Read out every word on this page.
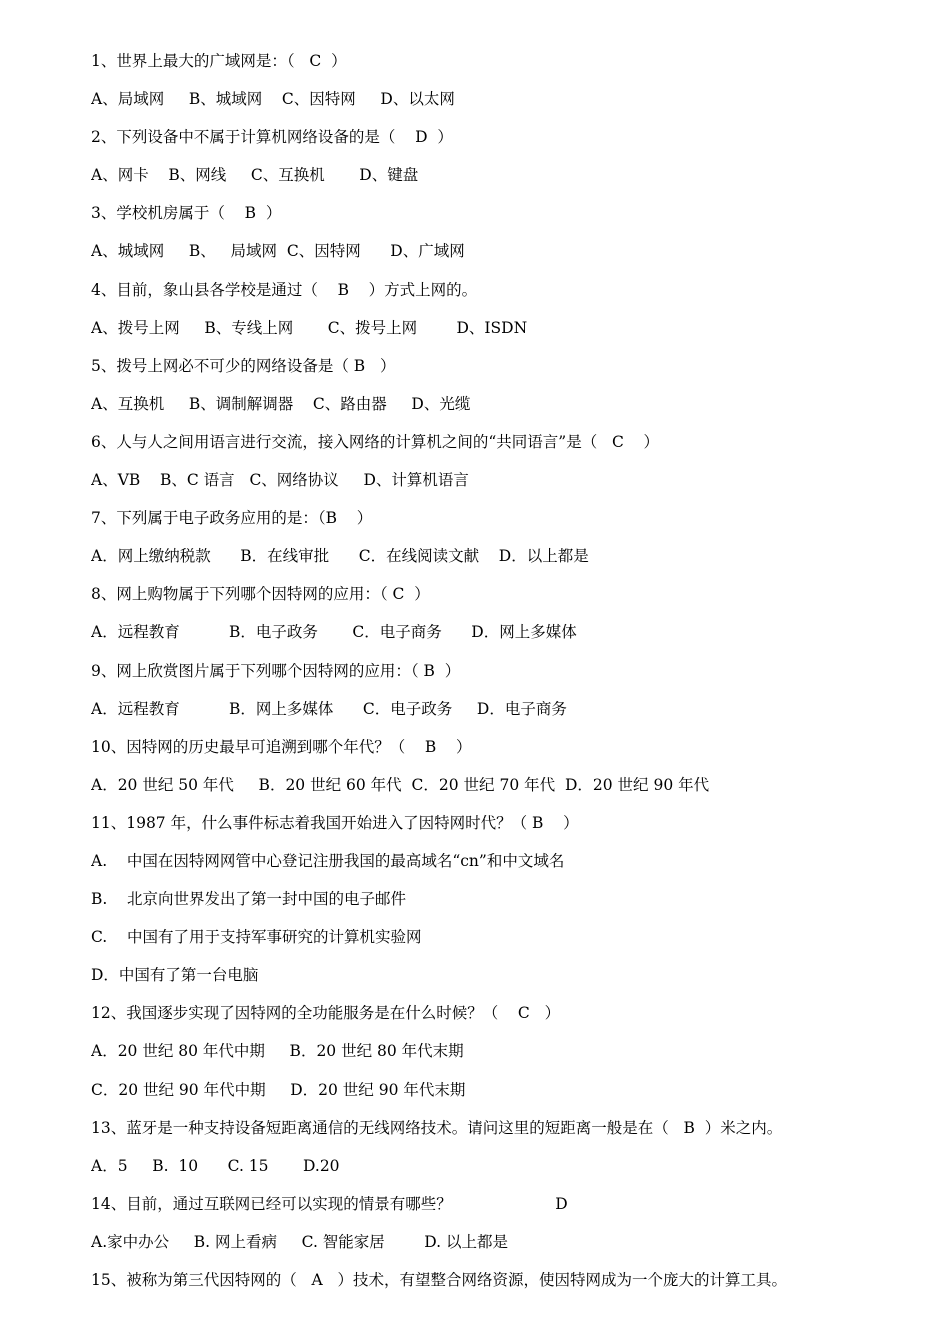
1、世界上最大的广域网是：（   C  ）
A、局域网     B、城域网    C、因特网     D、以太网
2、下列设备中不属于计算机网络设备的是（    D  ）
A、网卡    B、网线     C、互换机       D、键盘
3、学校机房属于（    B  ）
A、城域网     B、   局域网  C、因特网      D、广域网
4、目前，象山县各学校是通过（    B    ）方式上网的。
A、拨号上网     B、专线上网       C、拨号上网        D、ISDN
5、拨号上网必不可少的网络设备是（ B   ）
A、互换机     B、调制解调器    C、路由器     D、光缆
6、人与人之间用语言进行交流，接入网络的计算机之间的“共同语言”是（   C    ）
A、VB    B、C 语言   C、网络协议     D、计算机语言
7、下列属于电子政务应用的是：（B    ）
A．网上缴纳税款      B．在线审批      C．在线阅读文献    D．以上都是
8、网上购物属于下列哪个因特网的应用：（ C  ）
A．远程教育          B．电子政务       C．电子商务      D．网上多媒体
9、网上欣赏图片属于下列哪个因特网的应用：（ B  ）
A．远程教育          B．网上多媒体      C．电子政务     D．电子商务
10、因特网的历史最早可追溯到哪个年代？（    B    ）
A．20 世纪 50 年代     B．20 世纪 60 年代  C．20 世纪 70 年代  D．20 世纪 90 年代
11、1987 年，什么事件标志着我国开始进入了因特网时代？（ B    ）
A.    中国在因特网网管中心登记注册我国的最高域名“cn”和中文域名
B.    北京向世界发出了第一封中国的电子邮件
C.    中国有了用于支持军事研究的计算机实验网
D．中国有了第一台电脑
12、我国逐步实现了因特网的全功能服务是在什么时候？（    C   ）
A．20 世纪 80 年代中期     B．20 世纪 80 年代末期
C．20 世纪 90 年代中期     D．20 世纪 90 年代末期
13、蓝牙是一种支持设备短距离通信的无线网络技术。请问这里的短距离一般是在（   B  ）米之内。
A．5     B.  10      C. 15       D.20
14、目前，通过互联网已经可以实现的情景有哪些？                     D
A.家中办公     B. 网上看病     C. 智能家居        D. 以上都是
15、被称为第三代因特网的（   A   ）技术，有望整合网络资源，使因特网成为一个庞大的计算工具。
